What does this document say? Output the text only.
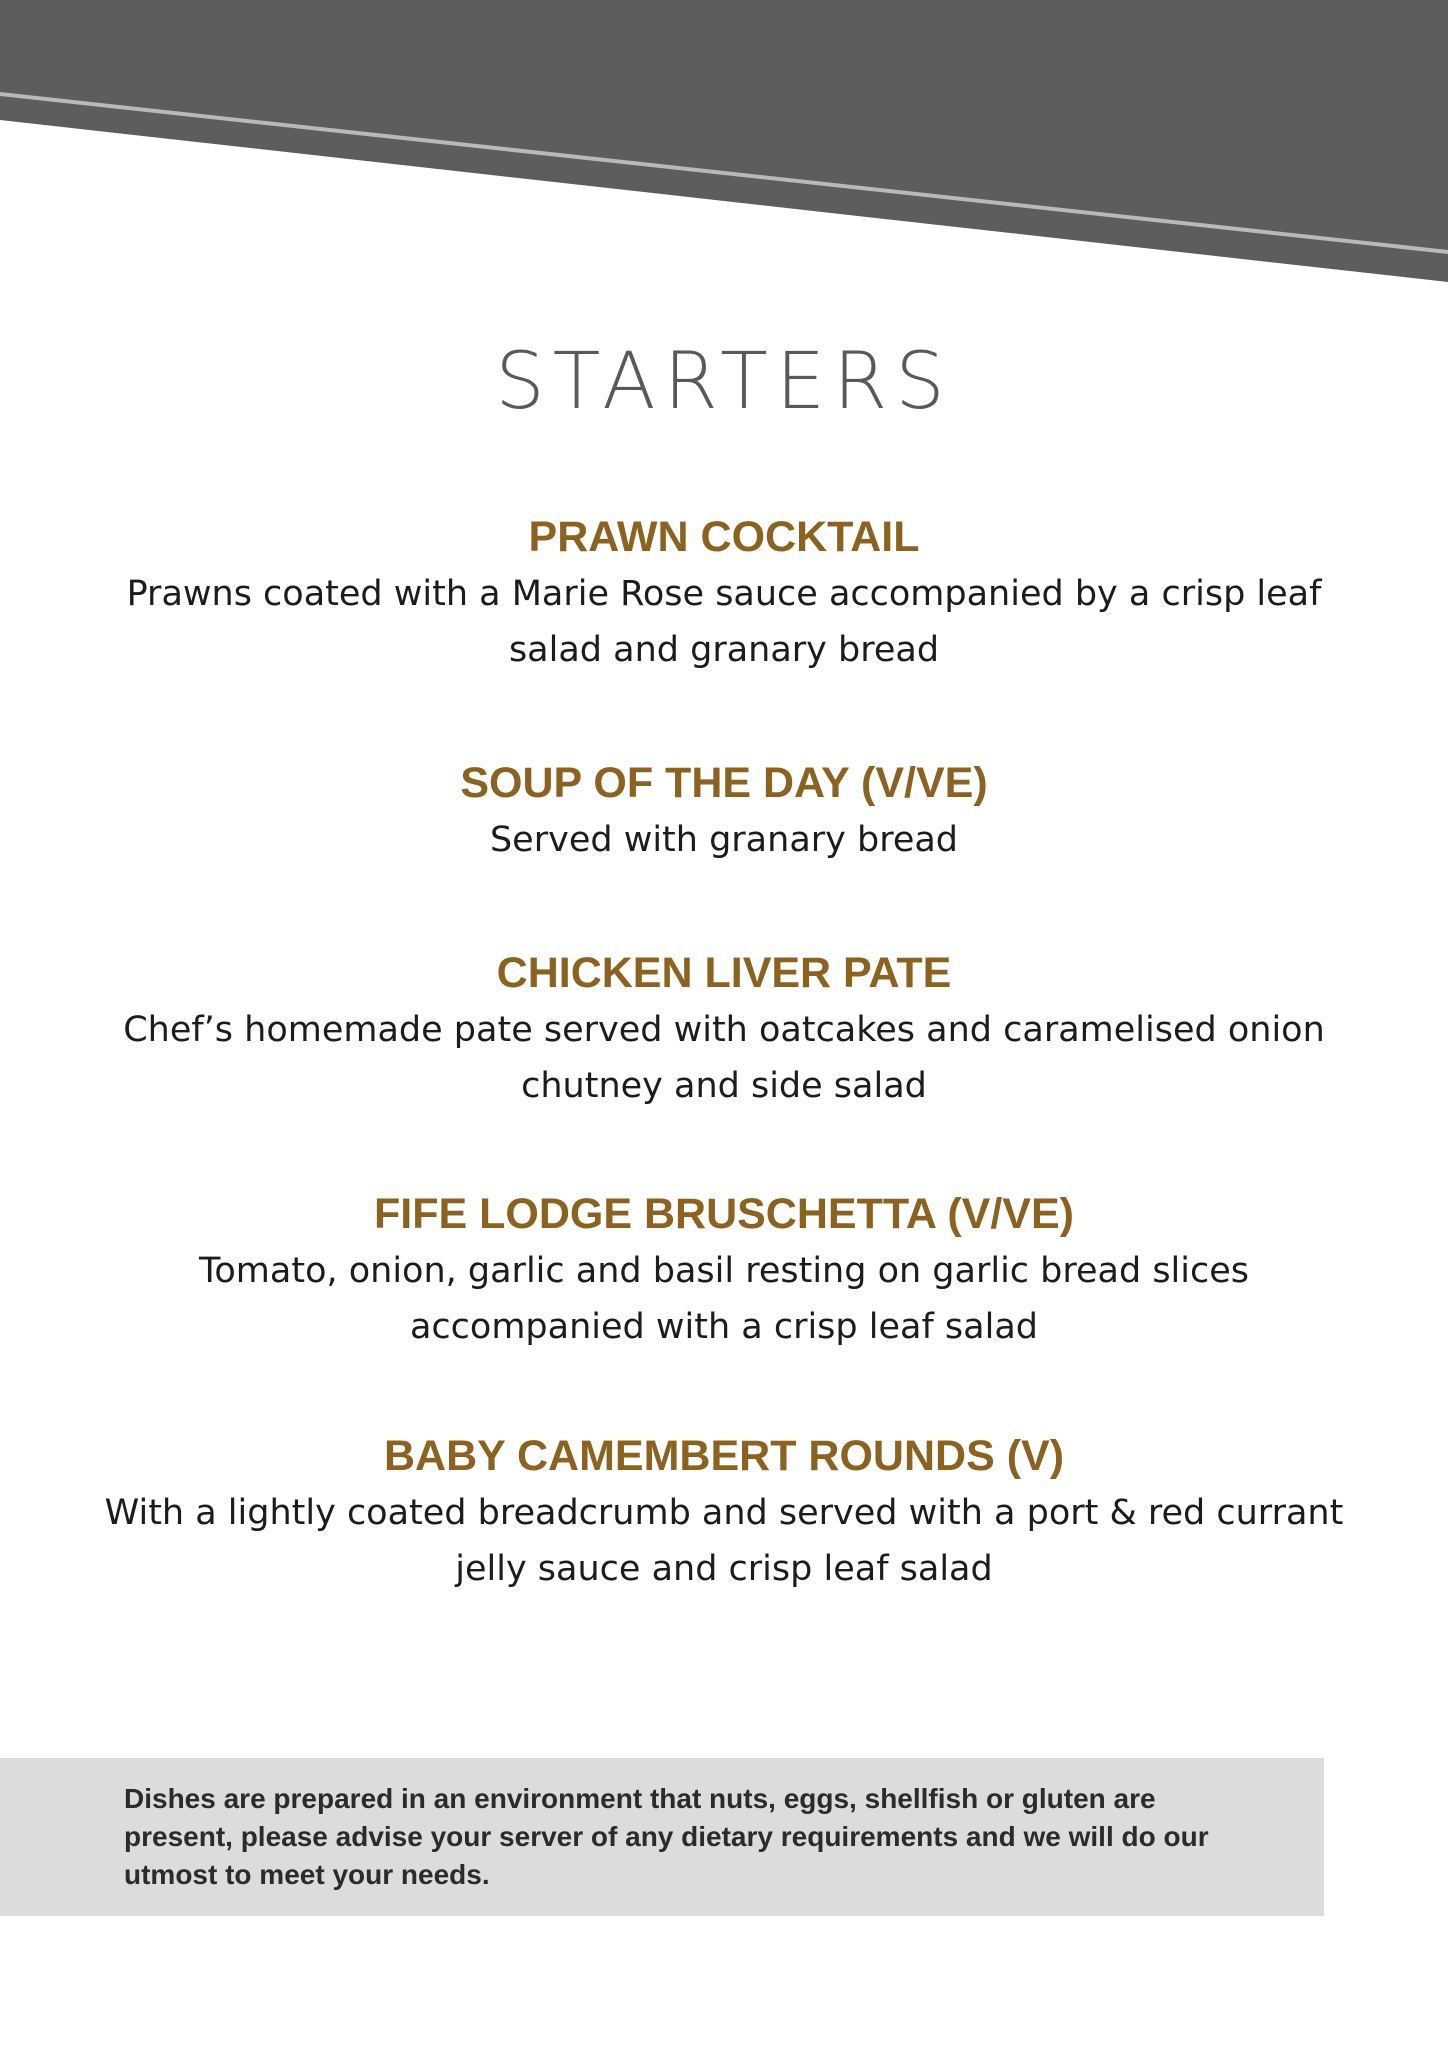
STARTERS
PRAWN COCKTAIL

Prawns coated with a Marie Rose sauce accompanied by a crisp leaf salad and granary bread

SOUP OF THE DAY (V/VE)

Served with granary bread

CHICKEN LIVER PATE

Chef’s homemade pate served with oatcakes and caramelised onion chutney and side salad

FIFE LODGE BRUSCHETTA (V/VE)

Tomato, onion, garlic and basil resting on garlic bread slices accompanied with a crisp leaf salad

BABY CAMEMBERT ROUNDS (V)

With a lightly coated breadcrumb and served with a port & red currant jelly sauce and crisp leaf salad

Dishes are prepared in an environment that nuts, eggs, shellfish or gluten are present, please advise your server of any dietary requirements and we will do our utmost to meet your needs.
